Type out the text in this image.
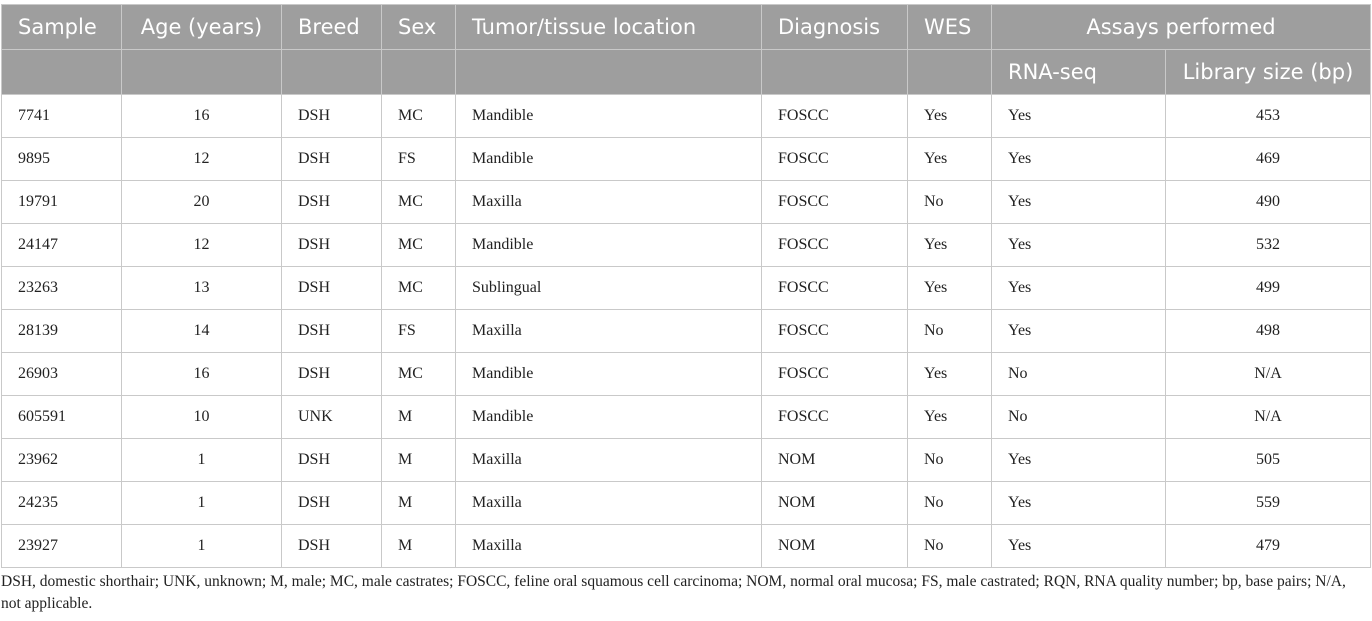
Sample	Age (years)	Breed	Sex	Tumor/tissue location	Diagnosis	WES	Assays performed	
							RNA-seq	Library size (bp)
7741	16	DSH	MC	Mandible	FOSCC	Yes	Yes	453
9895	12	DSH	FS	Mandible	FOSCC	Yes	Yes	469
19791	20	DSH	MC	Maxilla	FOSCC	No	Yes	490
24147	12	DSH	MC	Mandible	FOSCC	Yes	Yes	532
23263	13	DSH	MC	Sublingual	FOSCC	Yes	Yes	499
28139	14	DSH	FS	Maxilla	FOSCC	No	Yes	498
26903	16	DSH	MC	Mandible	FOSCC	Yes	No	N/A
605591	10	UNK	M	Mandible	FOSCC	Yes	No	N/A
23962	1	DSH	M	Maxilla	NOM	No	Yes	505
24235	1	DSH	M	Maxilla	NOM	No	Yes	559
23927	1	DSH	M	Maxilla	NOM	No	Yes	479

DSH, domestic shorthair; UNK, unknown; M, male; MC, male castrates; FOSCC, feline oral squamous cell carcinoma; NOM, normal oral mucosa; FS, male castrated; RQN, RNA quality number; bp, base pairs; N/A, not applicable.
